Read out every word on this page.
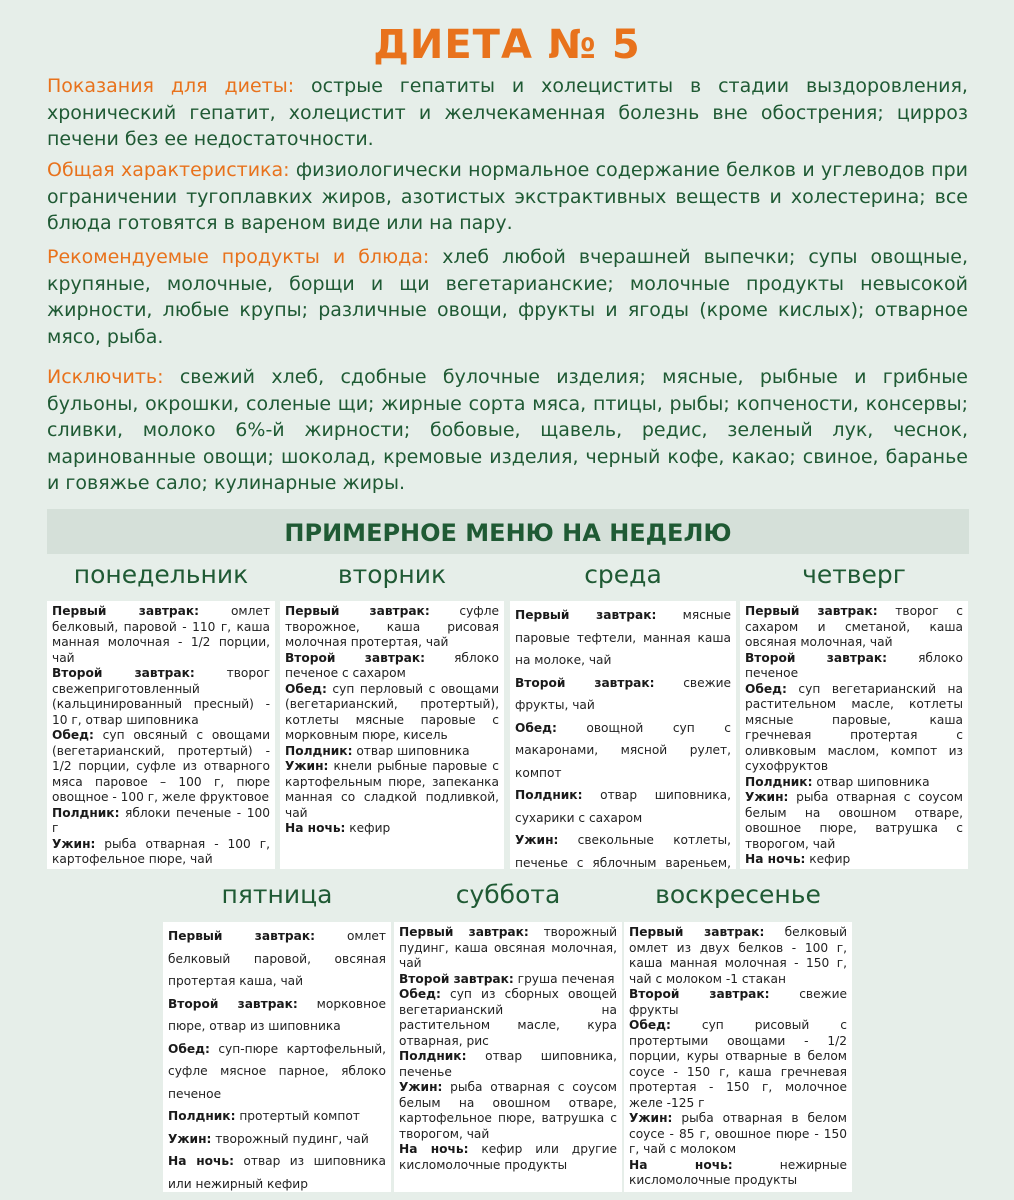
ДИЕТА № 5

Показания для диеты: острые гепатиты и холециститы в стадии выздоровления, хронический гепатит, холецистит и желчекаменная болезнь вне обострения; цирроз печени без ее недостаточности.

Общая характеристика: физиологически нормальное содержание белков и углеводов при ограничении тугоплавких жиров, азотистых экстрактивных веществ и холестерина; все блюда готовятся в вареном виде или на пару.

Рекомендуемые продукты и блюда: хлеб любой вчерашней выпечки; супы овощные, крупяные, молочные, борщи и щи вегетарианские; молочные продукты невысокой жирности, любые крупы; различные овощи, фрукты и ягоды (кроме кислых); отварное мясо, рыба.

Исключить: свежий хлеб, сдобные булочные изделия; мясные, рыбные и грибные бульоны, окрошки, соленые щи; жирные сорта мяса, птицы, рыбы; копчености, консервы; сливки, молоко 6%-й жирности; бобовые, щавель, редис, зеленый лук, чеснок, маринованные овощи; шоколад, кремовые изделия, черный кофе, какао; свиное, баранье и говяжье сало; кулинарные жиры.

ПРИМЕРНОЕ МЕНЮ НА НЕДЕЛЮ
понедельник	вторник	среда	четверг
пятница	суббота	воскресенье

Первый завтрак: омлет белковый, паровой - 110 г, каша манная молочная - 1/2 порции, чай

Второй завтрак: творог свежеприготовленный (кальцинированный пресный) - 10 г, отвар шиповника

Обед: суп овсяный с овощами (вегетарианский, протертый) - 1/2 порции, суфле из отварного мяса паровое – 100 г, пюре овощное - 100 г, желе фруктовое

Полдник: яблоки печеные - 100 г

Ужин: рыба отварная - 100 г, картофельное пюре, чай

Первый завтрак: суфле творожное, каша рисовая молочная протертая, чай

Второй завтрак: яблоко печеное с сахаром

Обед: суп перловый с овощами (вегетарианский, протертый), котлеты мясные паровые с морковным пюре, кисель

Полдник: отвар шиповника

Ужин: кнели рыбные паровые с картофельным пюре, запеканка манная со сладкой подливкой, чай

На ночь: кефир

Первый завтрак: мясные паровые тефтели, манная каша на молоке, чай

Второй завтрак: свежие фрукты, чай

Обед: овощной суп с макаронами, мясной рулет, компот

Полдник: отвар шиповника, сухарики с сахаром

Ужин: свекольные котлеты, печенье с яблочным вареньем,

Первый завтрак: творог с сахаром и сметаной, каша овсяная молочная, чай

Второй завтрак: яблоко печеное

Обед: суп вегетарианский на растительном масле, котлеты мясные паровые, каша гречневая протертая с оливковым маслом, компот из сухофруктов

Полдник: отвар шиповника

Ужин: рыба отварная с соусом белым на овошном отваре, овошное пюре, ватрушка с творогом, чай

На ночь: кефир

Первый завтрак: омлет белковый паровой, овсяная протертая каша, чай

Второй завтрак: морковное пюре, отвар из шиповника

Обед: суп-пюре картофельный, суфле мясное парное, яблоко печеное

Полдник: протертый компот

Ужин: творожный пудинг, чай

На ночь: отвар из шиповника или нежирный кефир

Первый завтрак: творожный пудинг, каша овсяная молочная, чай

Второй завтрак: груша печеная

Обед: суп из сборных овощей вегетарианский на растительном масле, кура отварная, рис

Полдник: отвар шиповника, печенье

Ужин: рыба отварная с соусом белым на овошном отваре, картофельное пюре, ватрушка с творогом, чай

На ночь: кефир или другие кисломолочные продукты

Первый завтрак: белковый омлет из двух белков - 100 г, каша манная молочная - 150 г, чай с молоком -1 стакан

Второй завтрак: свежие фрукты

Обед: суп рисовый с протертыми овощами - 1/2 порции, куры отварные в белом соусе - 150 г, каша гречневая протертая - 150 г, молочное желе -125 г

Ужин: рыба отварная в белом соусе - 85 г, овошное пюре - 150 г, чай с молоком

На ночь: нежирные кисломолочные продукты
